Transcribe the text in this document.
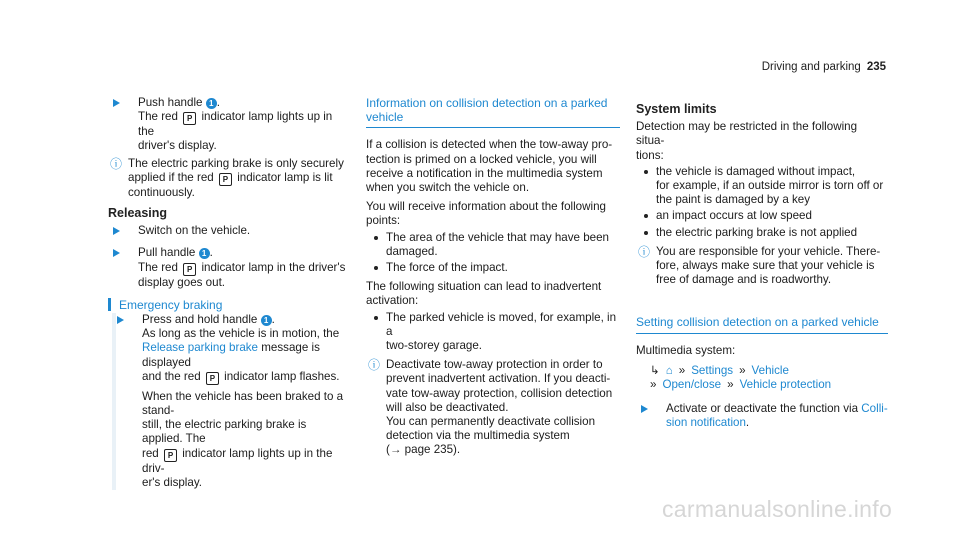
Driving and parking 235
Push handle 1 .
The red P indicator lamp lights up in the
driver's display.
ⓘ The electric parking brake is only securely
applied if the red P indicator lamp is lit
continuously.
Releasing
Switch on the vehicle.
Pull handle 1 .
The red P indicator lamp in the driver's
display goes out.
Emergency braking
Press and hold handle 1 .
As long as the vehicle is in motion, the
Release parking brake message is displayed
and the red P indicator lamp flashes.
When the vehicle has been braked to a stand-
still, the electric parking brake is applied. The
red P indicator lamp lights up in the driv-
er's display.
Information on collision detection on a parked
vehicle

If a collision is detected when the tow-away pro-
tection is primed on a locked vehicle, you will
receive a notification in the multimedia system
when you switch the vehicle on.

You will receive information about the following
points:

The area of the vehicle that may have been
damaged.
The force of the impact.

The following situation can lead to inadvertent
activation:

The parked vehicle is moved, for example, in a
two-storey garage.
ⓘ Deactivate tow-away protection in order to
prevent inadvertent activation. If you deacti-
vate tow-away protection, collision detection
will also be deactivated.
You can permanently deactivate collision
detection via the multimedia system
(→ page 235).
System limits

Detection may be restricted in the following situa-
tions:

the vehicle is damaged without impact,
for example, if an outside mirror is torn off or
the paint is damaged by a key
an impact occurs at low speed
the electric parking brake is not applied
ⓘ You are responsible for your vehicle. There-
fore, always make sure that your vehicle is
free of damage and is roadworthy.
Setting collision detection on a parked vehicle

Multimedia system:

↳ ⌂ » Settings » Vehicle
» Open/close » Vehicle protection
Activate or deactivate the function via Colli-
sion notification.
carmanualsonline.info
